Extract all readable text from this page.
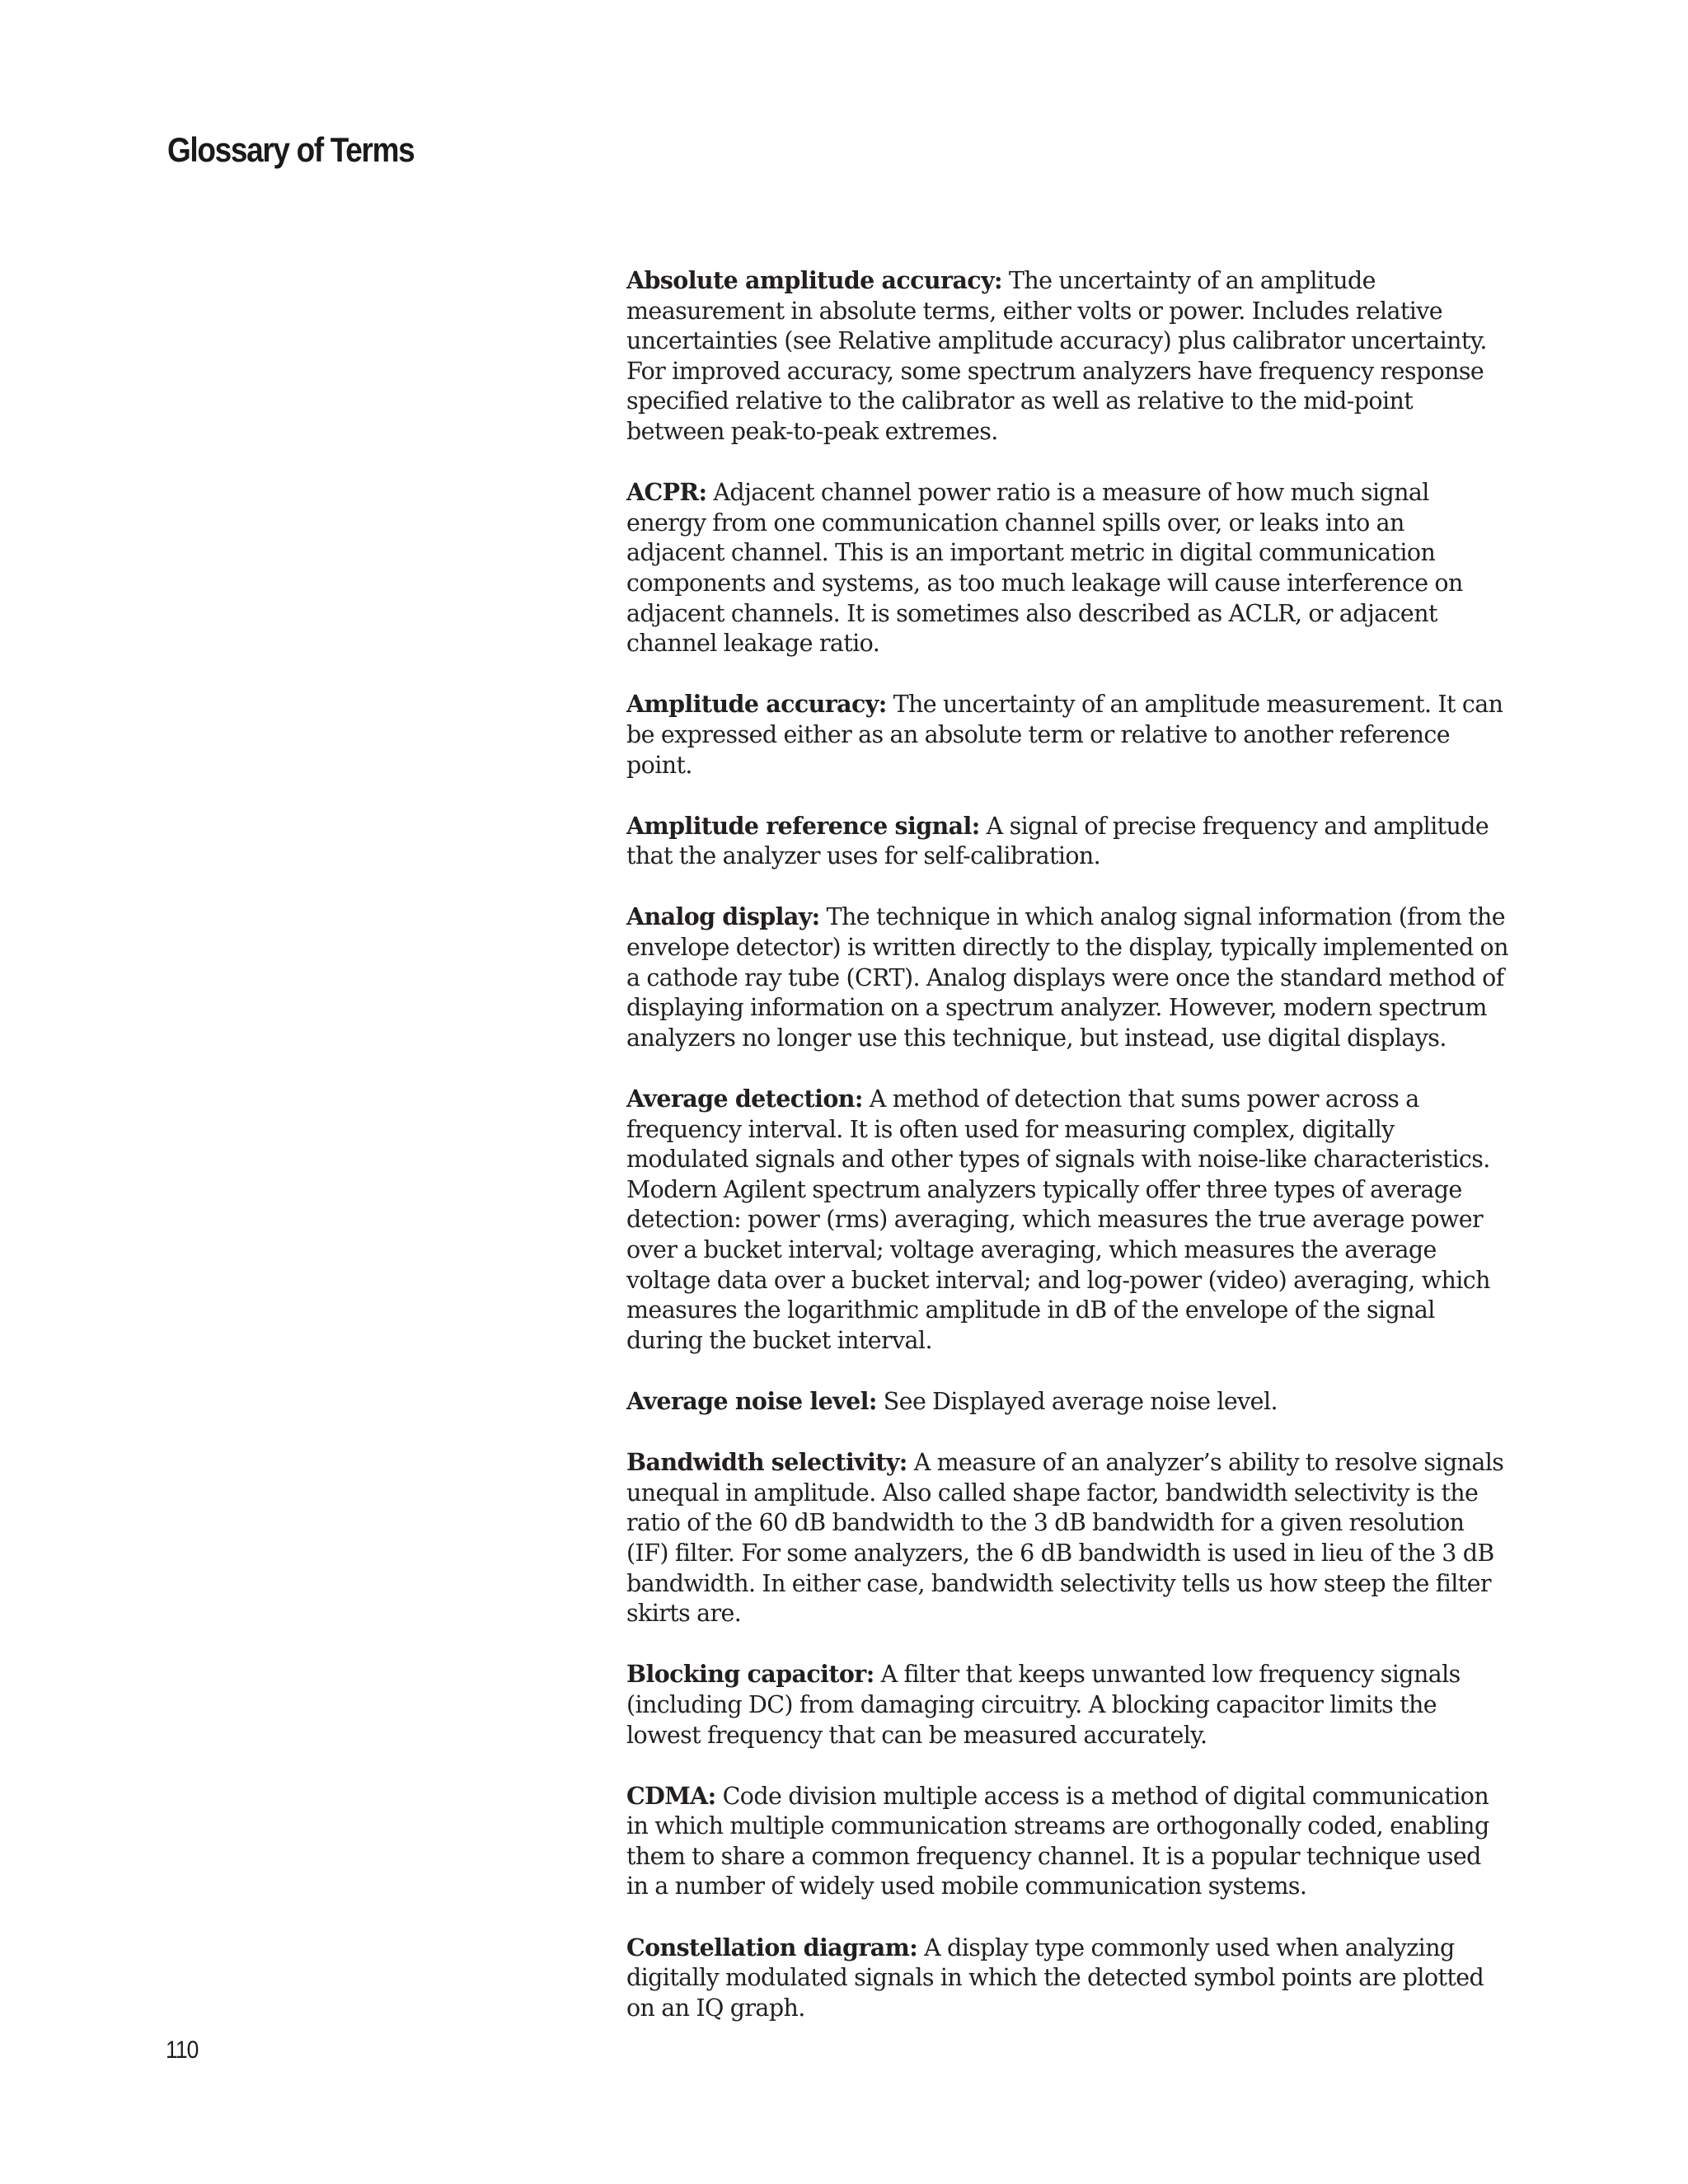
Glossary of Terms

Absolute amplitude accuracy: The uncertainty of an amplitude measurement in absolute terms, either volts or power. Includes relative uncertainties (see Relative amplitude accuracy) plus calibrator uncertainty. For improved accuracy, some spectrum analyzers have frequency response specified relative to the calibrator as well as relative to the mid-point between peak-to-peak extremes.

ACPR: Adjacent channel power ratio is a measure of how much signal energy from one communication channel spills over, or leaks into an adjacent channel. This is an important metric in digital communication components and systems, as too much leakage will cause interference on adjacent channels. It is sometimes also described as ACLR, or adjacent channel leakage ratio.

Amplitude accuracy: The uncertainty of an amplitude measurement. It can be expressed either as an absolute term or relative to another reference point.

Amplitude reference signal: A signal of precise frequency and amplitude that the analyzer uses for self-calibration.

Analog display: The technique in which analog signal information (from the envelope detector) is written directly to the display, typically implemented on a cathode ray tube (CRT). Analog displays were once the standard method of displaying information on a spectrum analyzer. However, modern spectrum analyzers no longer use this technique, but instead, use digital displays.

Average detection: A method of detection that sums power across a frequency interval. It is often used for measuring complex, digitally modulated signals and other types of signals with noise-like characteristics. Modern Agilent spectrum analyzers typically offer three types of average detection: power (rms) averaging, which measures the true average power over a bucket interval; voltage averaging, which measures the average voltage data over a bucket interval; and log-power (video) averaging, which measures the logarithmic amplitude in dB of the envelope of the signal during the bucket interval.

Average noise level: See Displayed average noise level.

Bandwidth selectivity: A measure of an analyzer’s ability to resolve signals unequal in amplitude. Also called shape factor, bandwidth selectivity is the ratio of the 60 dB bandwidth to the 3 dB bandwidth for a given resolution (IF) filter. For some analyzers, the 6 dB bandwidth is used in lieu of the 3 dB bandwidth. In either case, bandwidth selectivity tells us how steep the filter skirts are.

Blocking capacitor: A filter that keeps unwanted low frequency signals (including DC) from damaging circuitry. A blocking capacitor limits the lowest frequency that can be measured accurately.

CDMA: Code division multiple access is a method of digital communication in which multiple communication streams are orthogonally coded, enabling them to share a common frequency channel. It is a popular technique used in a number of widely used mobile communication systems.

Constellation diagram: A display type commonly used when analyzing digitally modulated signals in which the detected symbol points are plotted on an IQ graph.

110
